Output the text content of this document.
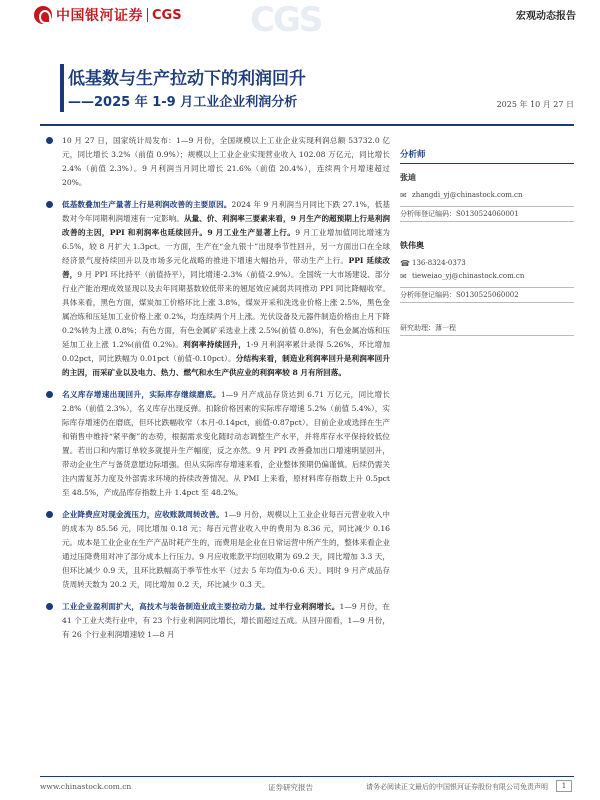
中国银河证券 CGS CGS	宏观动态报告
低基数与生产拉动下的利润回升
——2025 年 1-9 月工业企业利润分析	2025 年 10 月 27 日
10 月 27 日，国家统计局发布：1—9 月份，全国规模以上工业企业实现利润总额 53732.0 亿元，同比增长 3.2%（前值 0.9%）；规模以上工业企业实现营业收入 102.08 万亿元，同比增长 2.4%（前值 2.3%）。9 月利润当月同比增长 21.6%（前值 20.4%），连续两个月增速超过 20%。
低基数叠加生产量著上行是利润改善的主要原因。2024 年 9 月利润当月同比下跌 27.1%，低基数对今年同期利润增速有一定影响。从量、价、利润率三要素来看，9 月生产的超预期上行是利润改善的主因，PPI 和利润率也延续回升。9 月工业生产显著上行。9 月工业增加值同比增速为 6.5%，较 8 月扩大 1.3pct。一方面，生产在“金九银十”出现季节性回升，另一方面出口在全球经济景气度持续回升以及市场多元化战略的推进下增速大幅抬升，带动生产上行。PPI 延续改善，9 月 PPI 环比持平（前值持平），同比增速-2.3%（前值-2.9%）。全国统一大市场建设、部分行业产能治理成效显现以及去年同期基数较低带来的翘尾效应减弱共同推动 PPI 同比降幅收窄。具体来看，黑色方面，煤炭加工价格环比上涨 3.8%，煤炭开采和洗选业价格上涨 2.5%，黑色金属冶炼和压延加工业价格上涨 0.2%，均连续两个月上涨。光伏设备及元器件制造价格由上月下降 0.2%转为上涨 0.8%；有色方面，有色金属矿采选业上涨 2.5%(前值 0.8%)，有色金属冶炼和压延加工业上涨 1.2%(前值 0.2%)。利润率持续回升，1-9 月利润率累计录得 5.26%，环比增加 0.02pct，同比跌幅为 0.01pct（前值-0.10pct）。分结构来看，制造业利润率回升是利润率回升的主因，而采矿业以及电力、热力、燃气和水生产供应业的利润率较 8 月有所回落。
名义库存增速出现回升，实际库存继续磨底。1—9 月产成品存货达到 6.71 万亿元，同比增长 2.8%（前值 2.3%），名义库存出现反弹。扣除价格因素的实际库存增速 5.2%（前值 5.4%），实际库存增速仍在磨底，但环比跌幅收窄（本月-0.14pct，前值-0.87pct）。目前企业或选择在生产和销售中维持“紧平衡”的态势，根据需求变化随时动态调整生产水平，并将库存水平保持较低位置。若出口和内需订单较多就提升生产幅度，反之亦然。9 月 PPI 改善叠加出口增速明显回升，带动企业生产与备货意愿边际增强。但从实际库存增速来看，企业整体预期仍偏谨慎。后续仍需关注内需复苏力度及外部需求环境的持续改善情况。从 PMI 上来看，原材料库存指数上升 0.5pct 至 48.5%，产成品库存指数上升 1.4pct 至 48.2%。
企业降费应对现金流压力，应收账款周转改善。1—9 月份，规模以上工业企业每百元营业收入中的成本为 85.56 元，同比增加 0.18 元；每百元营业收入中的费用为 8.36 元，同比减少 0.16 元。成本是工业企业在生产产品时耗产生的，而费用是企业在日常运营中所产生的，整体来看企业通过压降费用对冲了部分成本上行压力。9 月应收账款平均回收期为 69.2 天，同比增加 3.3 天，但环比减少 0.9 天，且环比跌幅高于季节性水平（过去 5 年均值为-0.6 天）。同时 9 月产成品存货周转天数为 20.2 天，同比增加 0.2 天，环比减少 0.3 天。
工业企业盈利面扩大，高技术与装备制造业成主要拉动力量。过半行业利润增长。1—9 月份，在 41 个工业大类行业中，有 23 个行业利润同比增长，增长面超过五成。从回升面看，1—9 月份，有 26 个行业利润增速较 1—8 月
分析师
张迪
✉ zhangdi_yj@chinastock.com.cn
分析师登记编码：S0130524060001
铁伟奥
☎ 136-8324-0373
✉ tieweiao_yj@chinastock.com.cn
分析师登记编码：S0130525060002
研究助理：薄一程
www.chinastock.com.cn	证券研究报告	请务必阅读正文最后的中国银河证券股份有限公司免责声明	1
